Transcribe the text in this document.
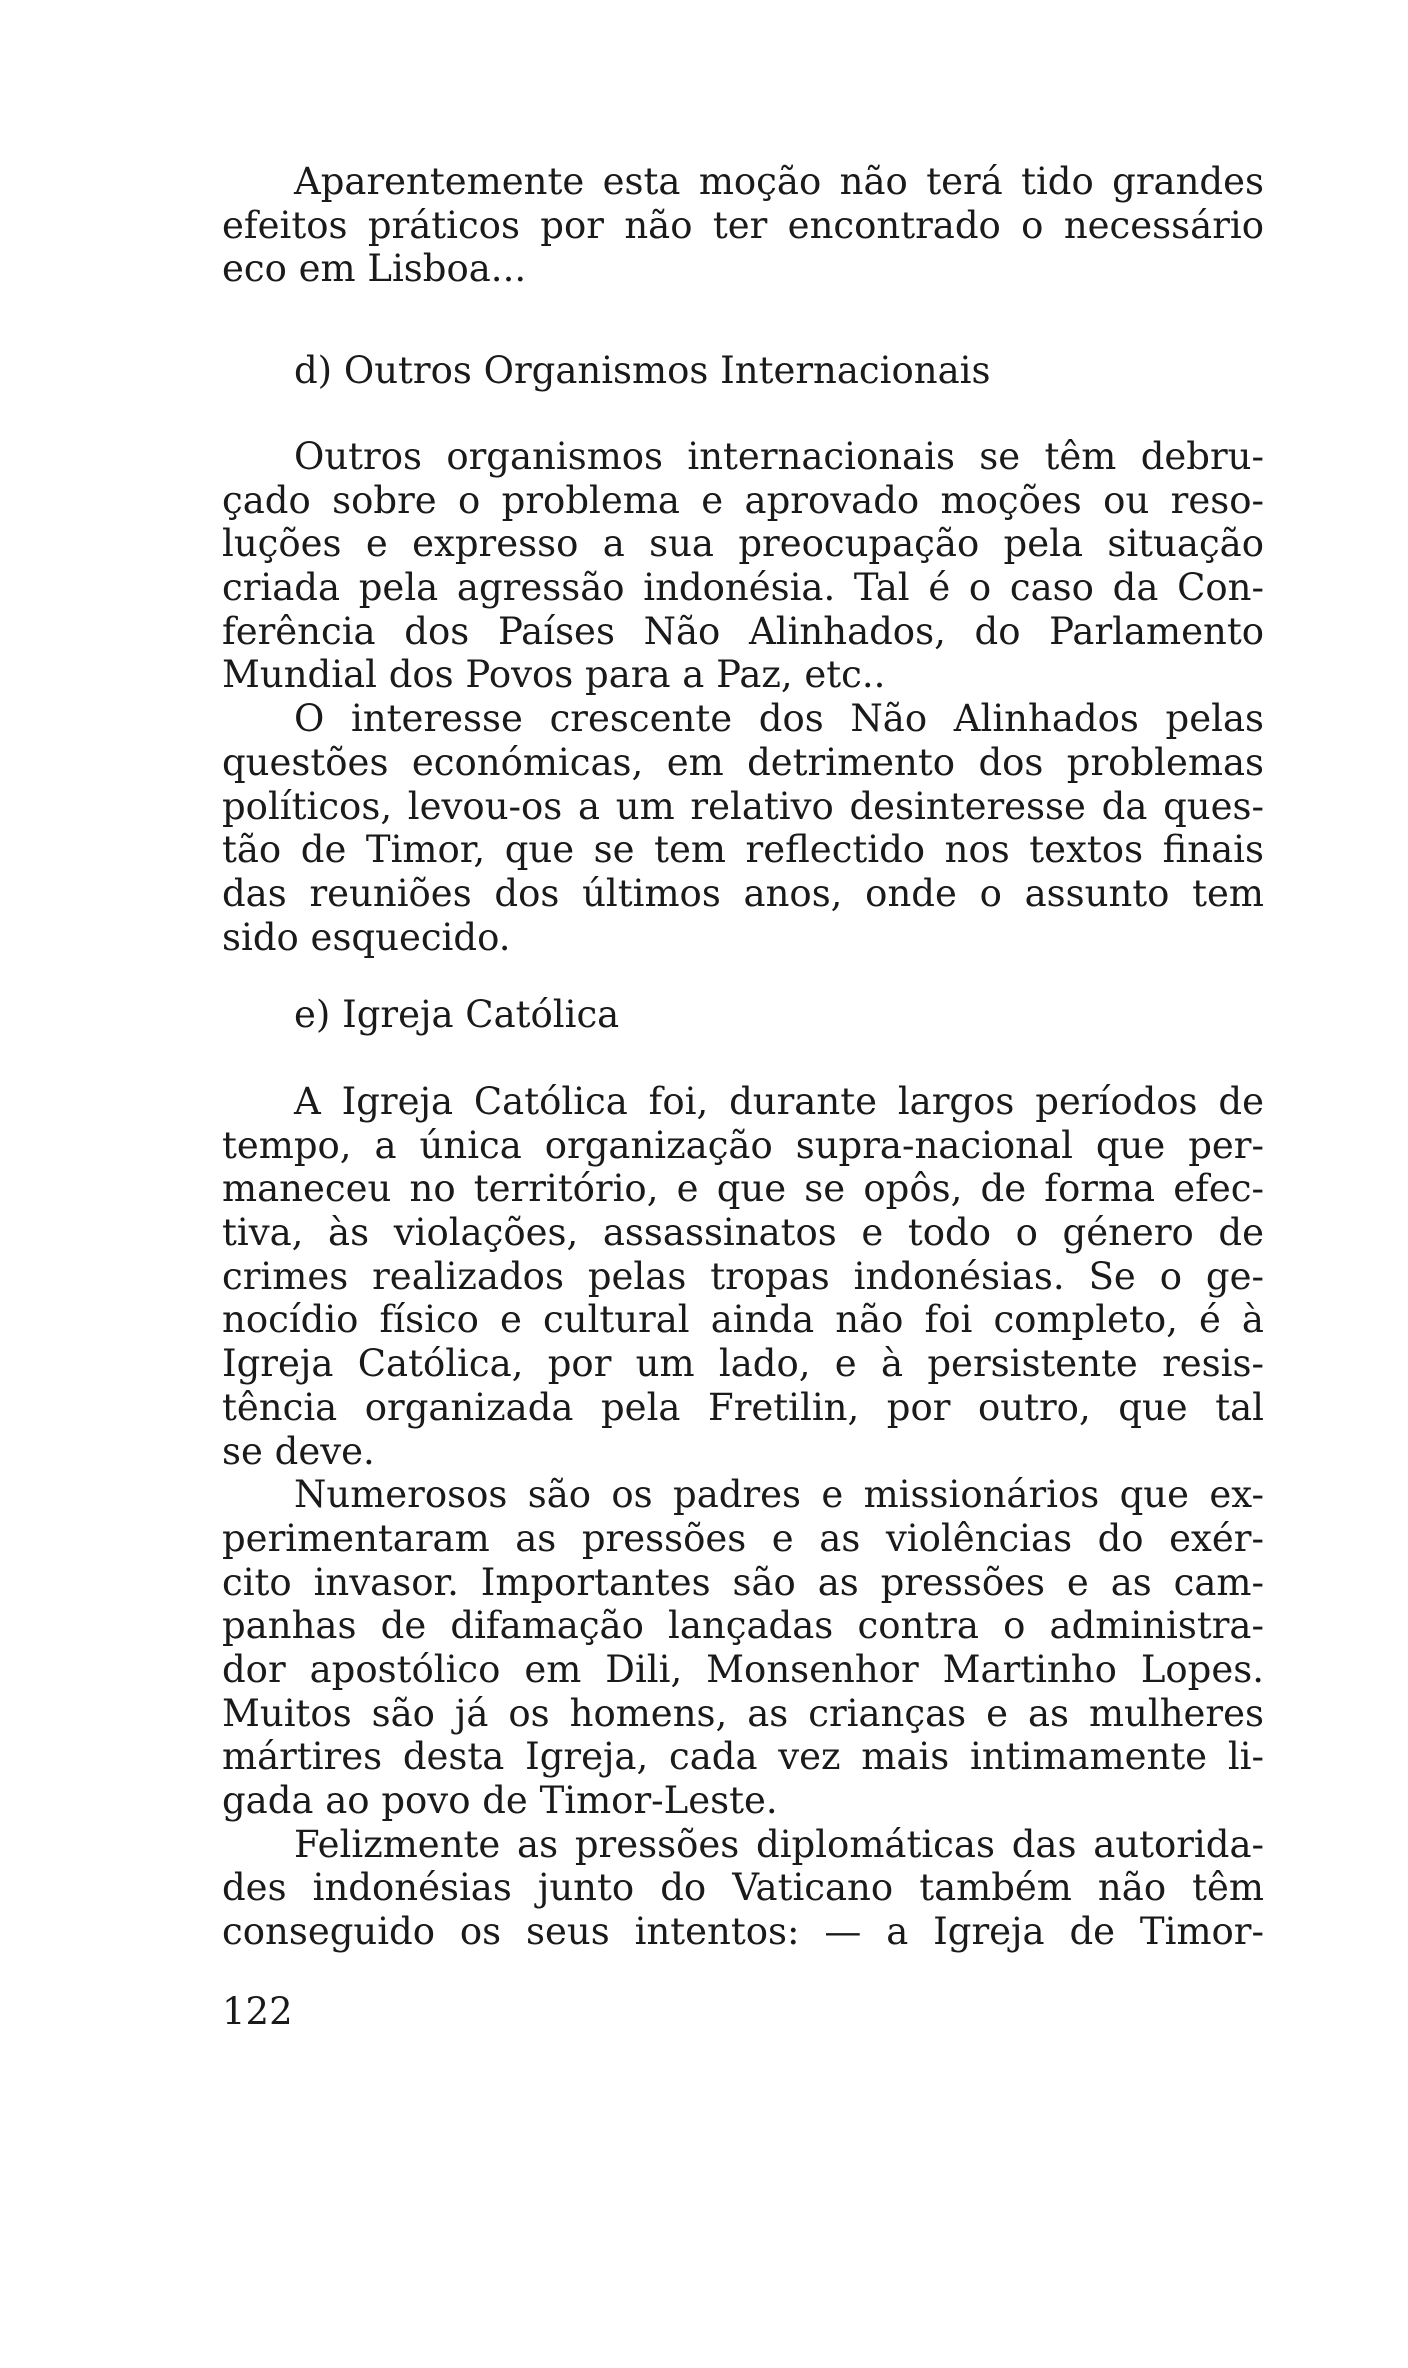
Aparentemente esta moção não terá tido grandes
efeitos práticos por não ter encontrado o necessário
eco em Lisboa...
d) Outros Organismos Internacionais
Outros organismos internacionais se têm debru-
çado sobre o problema e aprovado moções ou reso-
luções e expresso a sua preocupação pela situação
criada pela agressão indonésia. Tal é o caso da Con-
ferência dos Países Não Alinhados, do Parlamento
Mundial dos Povos para a Paz, etc..
O interesse crescente dos Não Alinhados pelas
questões económicas, em detrimento dos problemas
políticos, levou-os a um relativo desinteresse da ques-
tão de Timor, que se tem reflectido nos textos finais
das reuniões dos últimos anos, onde o assunto tem
sido esquecido.
e) Igreja Católica
A Igreja Católica foi, durante largos períodos de
tempo, a única organização supra-nacional que per-
maneceu no território, e que se opôs, de forma efec-
tiva, às violações, assassinatos e todo o género de
crimes realizados pelas tropas indonésias. Se o ge-
nocídio físico e cultural ainda não foi completo, é à
Igreja Católica, por um lado, e à persistente resis-
tência organizada pela Fretilin, por outro, que tal
se deve.
Numerosos são os padres e missionários que ex-
perimentaram as pressões e as violências do exér-
cito invasor. Importantes são as pressões e as cam-
panhas de difamação lançadas contra o administra-
dor apostólico em Dili, Monsenhor Martinho Lopes.
Muitos são já os homens, as crianças e as mulheres
mártires desta Igreja, cada vez mais intimamente li-
gada ao povo de Timor-Leste.
Felizmente as pressões diplomáticas das autorida-
des indonésias junto do Vaticano também não têm
conseguido os seus intentos: — a Igreja de Timor-
122
